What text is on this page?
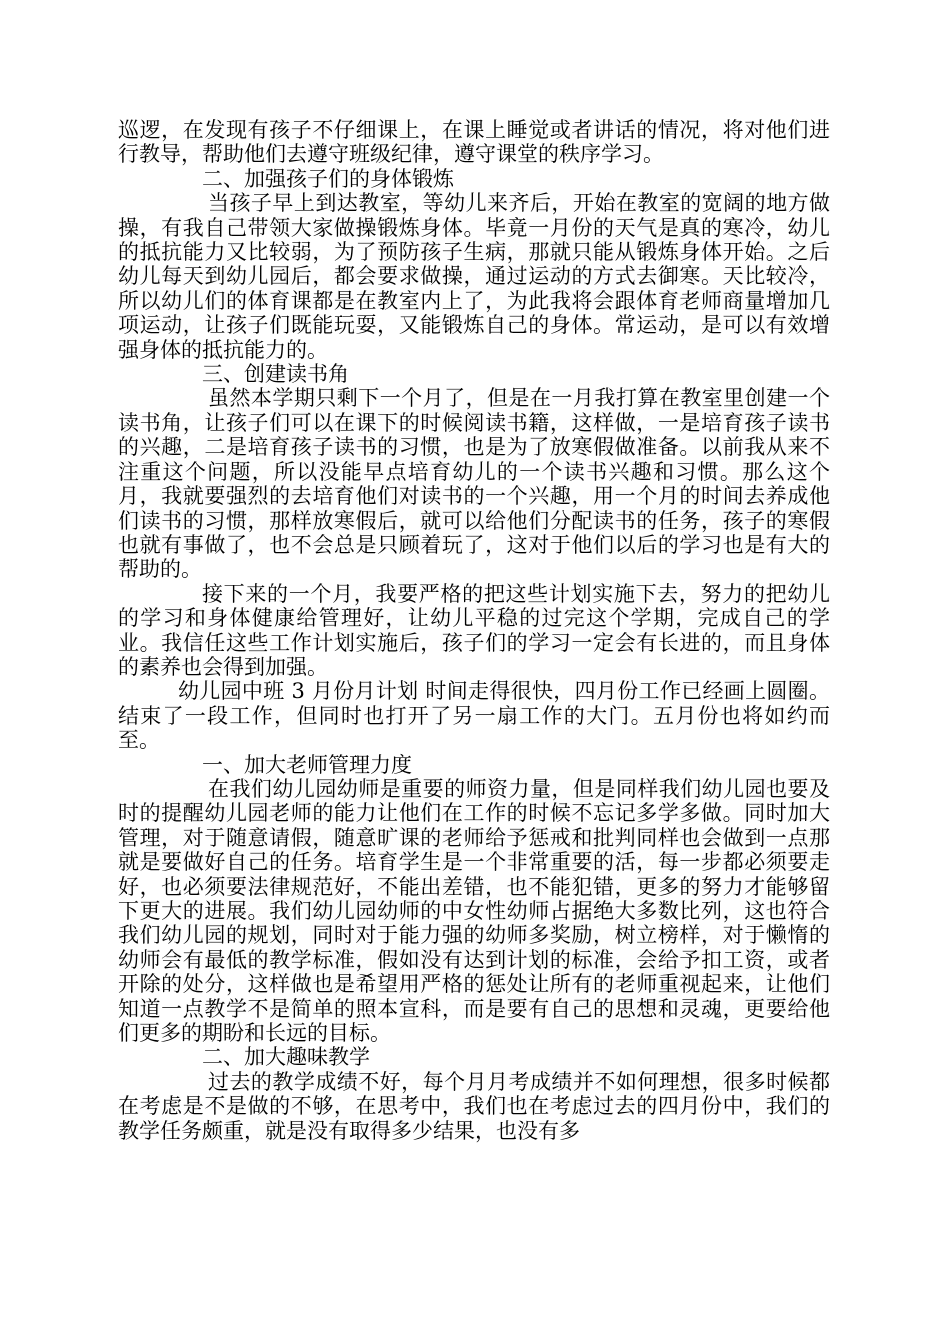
巡逻，在发现有孩子不仔细课上，在课上睡觉或者讲话的情况，将对他们进行教导，帮助他们去遵守班级纪律，遵守课堂的秩序学习。

二、加强孩子们的身体锻炼

当孩子早上到达教室，等幼儿来齐后，开始在教室的宽阔的地方做操，有我自己带领大家做操锻炼身体。毕竟一月份的天气是真的寒冷，幼儿的抵抗能力又比较弱，为了预防孩子生病，那就只能从锻炼身体开始。之后幼儿每天到幼儿园后，都会要求做操，通过运动的方式去御寒。天比较冷，所以幼儿们的体育课都是在教室内上了，为此我将会跟体育老师商量增加几项运动，让孩子们既能玩耍，又能锻炼自己的身体。常运动，是可以有效增强身体的抵抗能力的。

三、创建读书角

虽然本学期只剩下一个月了，但是在一月我打算在教室里创建一个读书角，让孩子们可以在课下的时候阅读书籍，这样做，一是培育孩子读书的兴趣，二是培育孩子读书的习惯，也是为了放寒假做准备。以前我从来不注重这个问题，所以没能早点培育幼儿的一个读书兴趣和习惯。那么这个月，我就要强烈的去培育他们对读书的一个兴趣，用一个月的时间去养成他们读书的习惯，那样放寒假后，就可以给他们分配读书的任务，孩子的寒假也就有事做了，也不会总是只顾着玩了，这对于他们以后的学习也是有大的帮助的。

接下来的一个月，我要严格的把这些计划实施下去，努力的把幼儿的学习和身体健康给管理好，让幼儿平稳的过完这个学期，完成自己的学业。我信任这些工作计划实施后，孩子们的学习一定会有长进的，而且身体的素养也会得到加强。

幼儿园中班 3 月份月计划 时间走得很快，四月份工作已经画上圆圈。结束了一段工作，但同时也打开了另一扇工作的大门。五月份也将如约而至。

一、加大老师管理力度

在我们幼儿园幼师是重要的师资力量，但是同样我们幼儿园也要及时的提醒幼儿园老师的能力让他们在工作的时候不忘记多学多做。同时加大管理，对于随意请假，随意旷课的老师给予惩戒和批判同样也会做到一点那就是要做好自己的任务。培育学生是一个非常重要的活，每一步都必须要走好，也必须要法律规范好，不能出差错，也不能犯错，更多的努力才能够留下更大的进展。我们幼儿园幼师的中女性幼师占据绝大多数比列，这也符合我们幼儿园的规划，同时对于能力强的幼师多奖励，树立榜样，对于懒惰的幼师会有最低的教学标准，假如没有达到计划的标准，会给予扣工资，或者开除的处分，这样做也是希望用严格的惩处让所有的老师重视起来，让他们知道一点教学不是简单的照本宣科，而是要有自己的思想和灵魂，更要给他们更多的期盼和长远的目标。

二、加大趣味教学

过去的教学成绩不好，每个月月考成绩并不如何理想，很多时候都在考虑是不是做的不够，在思考中，我们也在考虑过去的四月份中，我们的教学任务颇重，就是没有取得多少结果，也没有多
